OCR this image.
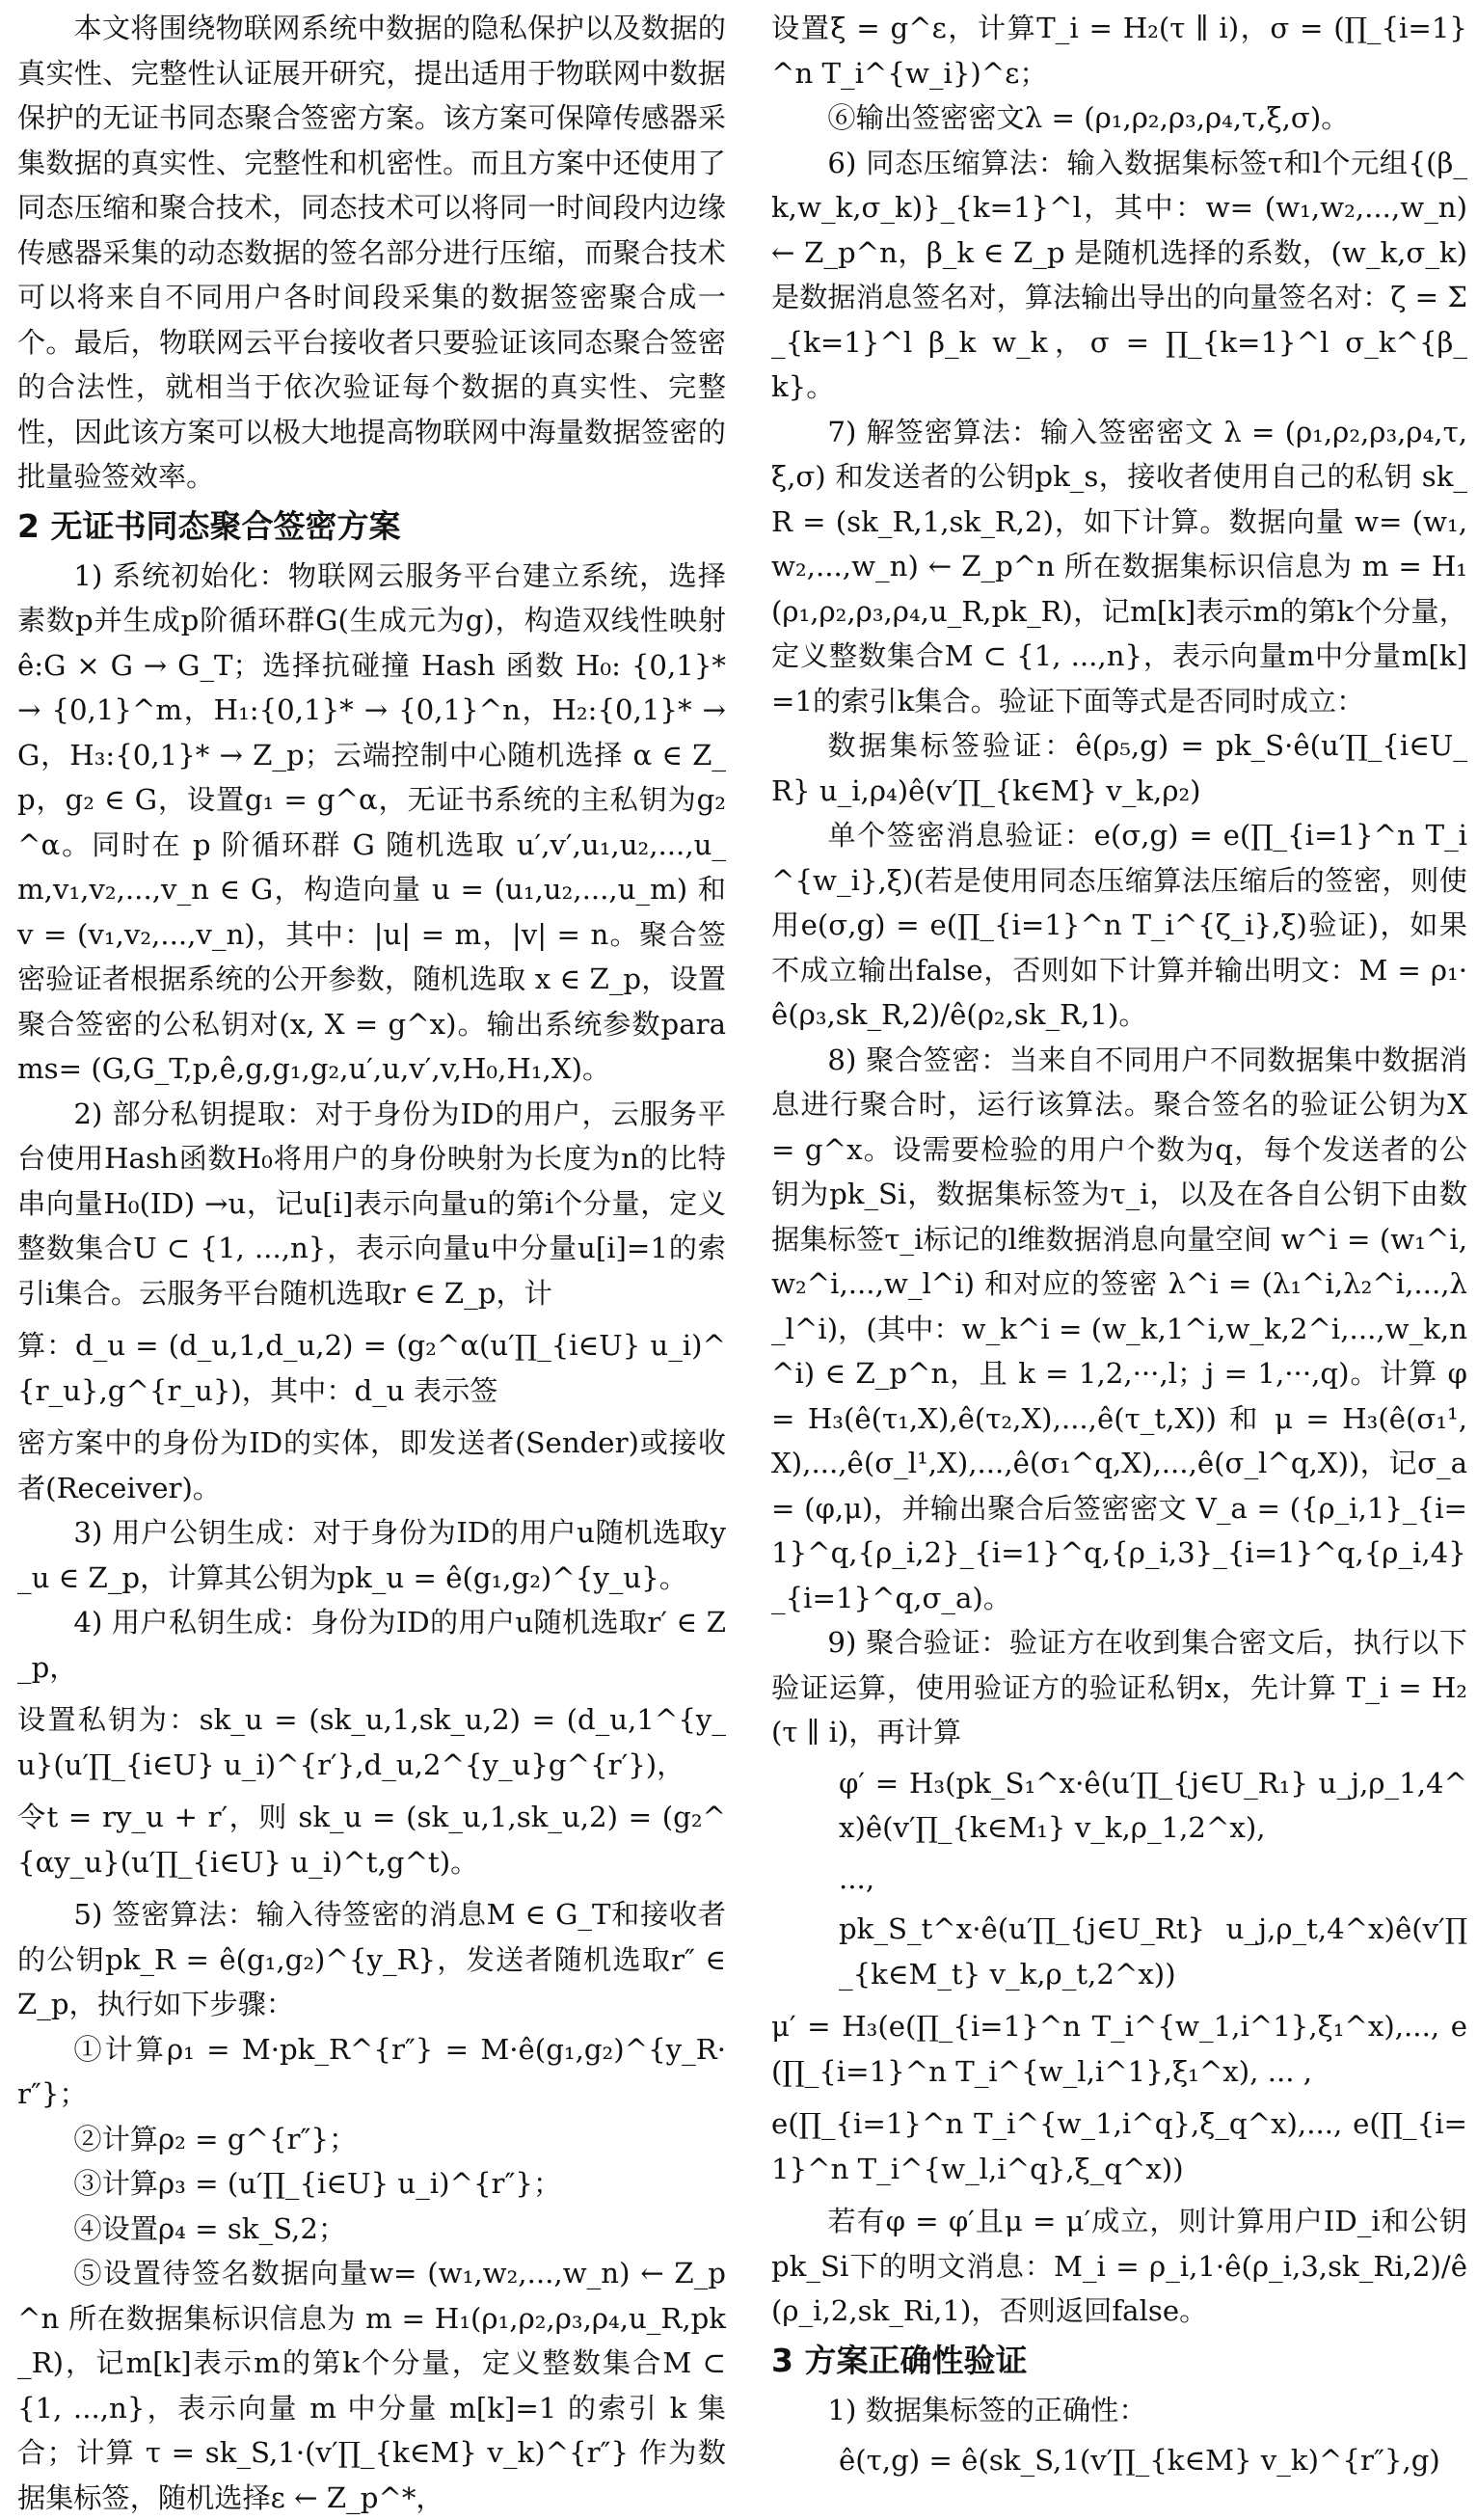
本文将围绕物联网系统中数据的隐私保护以及数据的真实性、完整性认证展开研究，提出适用于物联网中数据保护的无证书同态聚合签密方案。该方案可保障传感器采集数据的真实性、完整性和机密性。而且方案中还使用了同态压缩和聚合技术，同态技术可以将同一时间段内边缘传感器采集的动态数据的签名部分进行压缩，而聚合技术可以将来自不同用户各时间段采集的数据签密聚合成一个。最后，物联网云平台接收者只要验证该同态聚合签密的合法性，就相当于依次验证每个数据的真实性、完整性，因此该方案可以极大地提高物联网中海量数据签密的批量验签效率。

2 无证书同态聚合签密方案

1) 系统初始化：物联网云服务平台建立系统，选择素数p并生成p阶循环群G(生成元为g)，构造双线性映射 ê:G × G → G_T；选择抗碰撞 Hash 函数 H₀: {0,1}* → {0,1}^m，H₁:{0,1}* → {0,1}^n，H₂:{0,1}* → G，H₃:{0,1}* → Z_p；云端控制中心随机选择 α ∈ Z_p，g₂ ∈ G，设置g₁ = g^α，无证书系统的主私钥为g₂^α。同时在 p 阶循环群 G 随机选取 u′,v′,u₁,u₂,...,u_m,v₁,v₂,...,v_n ∈ G，构造向量 u = (u₁,u₂,...,u_m) 和 v = (v₁,v₂,...,v_n)，其中：|u| = m，|v| = n。聚合签密验证者根据系统的公开参数，随机选取 x ∈ Z_p，设置聚合签密的公私钥对(x, X = g^x)。输出系统参数params= (G,G_T,p,ê,g,g₁,g₂,u′,u,v′,v,H₀,H₁,X)。

2) 部分私钥提取：对于身份为ID的用户，云服务平台使用Hash函数H₀将用户的身份映射为长度为n的比特串向量H₀(ID) →u，记u[i]表示向量u的第i个分量，定义整数集合U ⊂ {1, ...,n}，表示向量u中分量u[i]=1的索引i集合。云服务平台随机选取r ∈ Z_p，计

算：d_u = (d_u,1,d_u,2) = (g₂^α(u′∏_{i∈U} u_i)^{r_u},g^{r_u})，其中：d_u 表示签

密方案中的身份为ID的实体，即发送者(Sender)或接收者(Receiver)。

3) 用户公钥生成：对于身份为ID的用户u随机选取y_u ∈ Z_p，计算其公钥为pk_u = ê(g₁,g₂)^{y_u}。

4) 用户私钥生成：身份为ID的用户u随机选取r′ ∈ Z_p，

设置私钥为：sk_u = (sk_u,1,sk_u,2) = (d_u,1^{y_u}(u′∏_{i∈U} u_i)^{r′},d_u,2^{y_u}g^{r′})，

令t = ry_u + r′，则 sk_u = (sk_u,1,sk_u,2) = (g₂^{αy_u}(u′∏_{i∈U} u_i)^t,g^t)。

5) 签密算法：输入待签密的消息M ∈ G_T和接收者的公钥pk_R = ê(g₁,g₂)^{y_R}，发送者随机选取r″ ∈ Z_p，执行如下步骤：

①计算ρ₁ = M·pk_R^{r″} = M·ê(g₁,g₂)^{y_R·r″}；

②计算ρ₂ = g^{r″}；

③计算ρ₃ = (u′∏_{i∈U} u_i)^{r″}；

④设置ρ₄ = sk_S,2；

⑤设置待签名数据向量w= (w₁,w₂,...,w_n) ← Z_p^n 所在数据集标识信息为 m = H₁(ρ₁,ρ₂,ρ₃,ρ₄,u_R,pk_R)，记m[k]表示m的第k个分量，定义整数集合M ⊂ {1, ...,n}，表示向量 m 中分量 m[k]=1 的索引 k 集合；计算 τ = sk_S,1·(v′∏_{k∈M} v_k)^{r″} 作为数据集标签，随机选择ε ← Z_p^*，

设置ξ = g^ε，计算T_i = H₂(τ ∥ i)，σ = (∏_{i=1}^n T_i^{w_i})^ε；

⑥输出签密密文λ = (ρ₁,ρ₂,ρ₃,ρ₄,τ,ξ,σ)。

6) 同态压缩算法：输入数据集标签τ和l个元组{(β_k,w_k,σ_k)}_{k=1}^l，其中：w= (w₁,w₂,...,w_n) ← Z_p^n，β_k ∈ Z_p 是随机选择的系数，(w_k,σ_k)是数据消息签名对，算法输出导出的向量签名对：ζ = Σ_{k=1}^l β_k w_k，σ = ∏_{k=1}^l σ_k^{β_k}。

7) 解签密算法：输入签密密文 λ = (ρ₁,ρ₂,ρ₃,ρ₄,τ,ξ,σ) 和发送者的公钥pk_s，接收者使用自己的私钥 sk_R = (sk_R,1,sk_R,2)，如下计算。数据向量 w= (w₁,w₂,...,w_n) ← Z_p^n 所在数据集标识信息为 m = H₁(ρ₁,ρ₂,ρ₃,ρ₄,u_R,pk_R)，记m[k]表示m的第k个分量，定义整数集合M ⊂ {1, ...,n}，表示向量m中分量m[k]=1的索引k集合。验证下面等式是否同时成立：

数据集标签验证：ê(ρ₅,g) = pk_S·ê(u′∏_{i∈U_R} u_i,ρ₄)ê(v′∏_{k∈M} v_k,ρ₂)

单个签密消息验证：e(σ,g) = e(∏_{i=1}^n T_i^{w_i},ξ)(若是使用同态压缩算法压缩后的签密，则使用e(σ,g) = e(∏_{i=1}^n T_i^{ζ_i},ξ)验证)，如果不成立输出false，否则如下计算并输出明文：M = ρ₁·ê(ρ₃,sk_R,2)/ê(ρ₂,sk_R,1)。

8) 聚合签密：当来自不同用户不同数据集中数据消息进行聚合时，运行该算法。聚合签名的验证公钥为X = g^x。设需要检验的用户个数为q，每个发送者的公钥为pk_Si，数据集标签为τ_i，以及在各自公钥下由数据集标签τ_i标记的l维数据消息向量空间 w^i = (w₁^i,w₂^i,...,w_l^i) 和对应的签密 λ^i = (λ₁^i,λ₂^i,...,λ_l^i)，(其中：w_k^i = (w_k,1^i,w_k,2^i,...,w_k,n^i) ∈ Z_p^n，且 k = 1,2,···,l；j = 1,···,q)。计算 φ = H₃(ê(τ₁,X),ê(τ₂,X),...,ê(τ_t,X)) 和 μ = H₃(ê(σ₁¹,X),...,ê(σ_l¹,X),...,ê(σ₁^q,X),...,ê(σ_l^q,X))，记σ_a = (φ,μ)，并输出聚合后签密密文 V_a = ({ρ_i,1}_{i=1}^q,{ρ_i,2}_{i=1}^q,{ρ_i,3}_{i=1}^q,{ρ_i,4}_{i=1}^q,σ_a)。

9) 聚合验证：验证方在收到集合密文后，执行以下验证运算，使用验证方的验证私钥x，先计算 T_i = H₂(τ ∥ i)，再计算

φ′ = H₃(pk_S₁^x·ê(u′∏_{j∈U_R₁} u_j,ρ_1,4^x)ê(v′∏_{k∈M₁} v_k,ρ_1,2^x),

...,

pk_S_t^x·ê(u′∏_{j∈U_Rt} u_j,ρ_t,4^x)ê(v′∏_{k∈M_t} v_k,ρ_t,2^x))

μ′ = H₃(e(∏_{i=1}^n T_i^{w_1,i^1},ξ₁^x),..., e(∏_{i=1}^n T_i^{w_l,i^1},ξ₁^x), ... ,

e(∏_{i=1}^n T_i^{w_1,i^q},ξ_q^x),..., e(∏_{i=1}^n T_i^{w_l,i^q},ξ_q^x))

若有φ = φ′且μ = μ′成立，则计算用户ID_i和公钥pk_Si下的明文消息：M_i = ρ_i,1·ê(ρ_i,3,sk_Ri,2)/ê(ρ_i,2,sk_Ri,1)，否则返回false。

3 方案正确性验证

1) 数据集标签的正确性：

ê(τ,g) = ê(sk_S,1(v′∏_{k∈M} v_k)^{r″},g)
